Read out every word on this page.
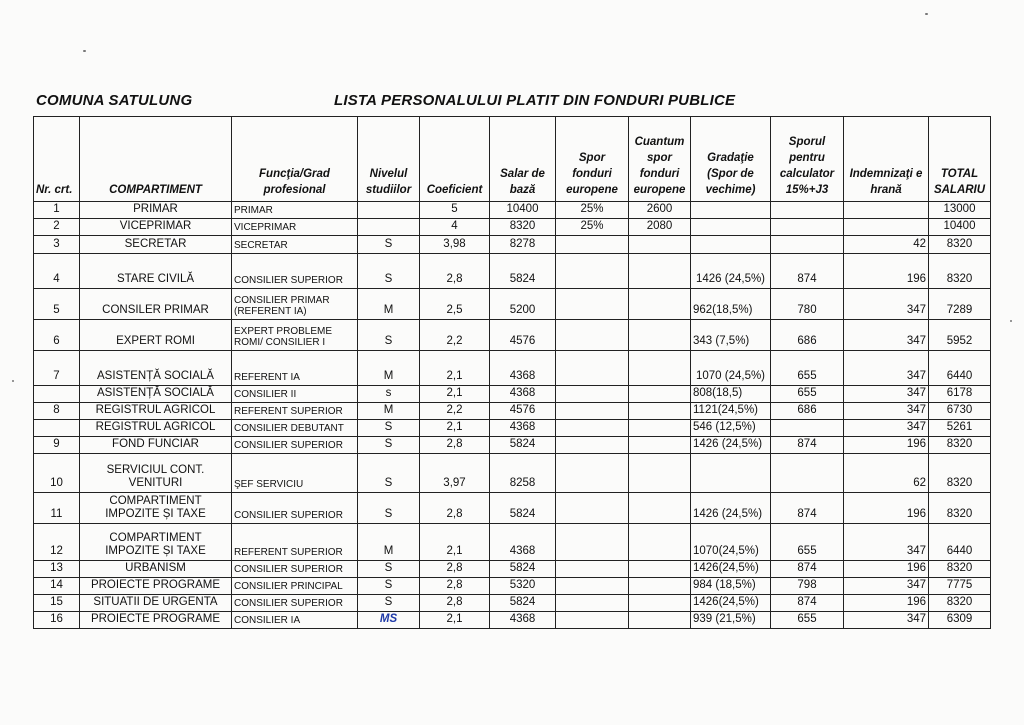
COMUNA SATULUNG	LISTA PERSONALULUI PLATIT DIN FONDURI PUBLICE
Nr. crt.	COMPARTIMENT	Funcţia/Grad profesional	Nivelul studiilor	Coeficient	Salar de bază	Spor fonduri europene	Cuantum spor fonduri europene	Gradaţie (Spor de vechime)	Sporul pentru calculator 15%+J3	Indemnizaţi e hrană	TOTAL SALARIU
1	PRIMAR	PRIMAR		5	10400	25%	2600				13000
2	VICEPRIMAR	VICEPRIMAR		4	8320	25%	2080				10400
3	SECRETAR	SECRETAR	S	3,98	8278					42	8320
4	STARE CIVILĂ	CONSILIER SUPERIOR	S	2,8	5824			1426 (24,5%)	874	196	8320
5	CONSILER PRIMAR	CONSILIER PRIMAR (REFERENT IA)	M	2,5	5200			962(18,5%)	780	347	7289
6	EXPERT ROMI	EXPERT PROBLEME ROMI/ CONSILIER I	S	2,2	4576			343 (7,5%)	686	347	5952
7	ASISTENȚĂ SOCIALĂ	REFERENT IA	M	2,1	4368			1070 (24,5%)	655	347	6440
	ASISTENȚĂ SOCIALĂ	CONSILIER II	s	2,1	4368			808(18,5)	655	347	6178
8	REGISTRUL AGRICOL	REFERENT SUPERIOR	M	2,2	4576			1121(24,5%)	686	347	6730
	REGISTRUL AGRICOL	CONSILIER DEBUTANT	S	2,1	4368			546 (12,5%)		347	5261
9	FOND FUNCIAR	CONSILIER SUPERIOR	S	2,8	5824			1426 (24,5%)	874	196	8320
10	SERVICIUL CONT. VENITURI	ŞEF SERVICIU	S	3,97	8258					62	8320
11	COMPARTIMENT IMPOZITE ȘI TAXE	CONSILIER SUPERIOR	S	2,8	5824			1426 (24,5%)	874	196	8320
12	COMPARTIMENT IMPOZITE ȘI TAXE	REFERENT SUPERIOR	M	2,1	4368			1070(24,5%)	655	347	6440
13	URBANISM	CONSILIER SUPERIOR	S	2,8	5824			1426(24,5%)	874	196	8320
14	PROIECTE PROGRAME	CONSILIER PRINCIPAL	S	2,8	5320			984 (18,5%)	798	347	7775
15	SITUATII DE URGENTA	CONSILIER SUPERIOR	S	2,8	5824			1426(24,5%)	874	196	8320
16	PROIECTE PROGRAME	CONSILIER IA	MS	2,1	4368			939 (21,5%)	655	347	6309
